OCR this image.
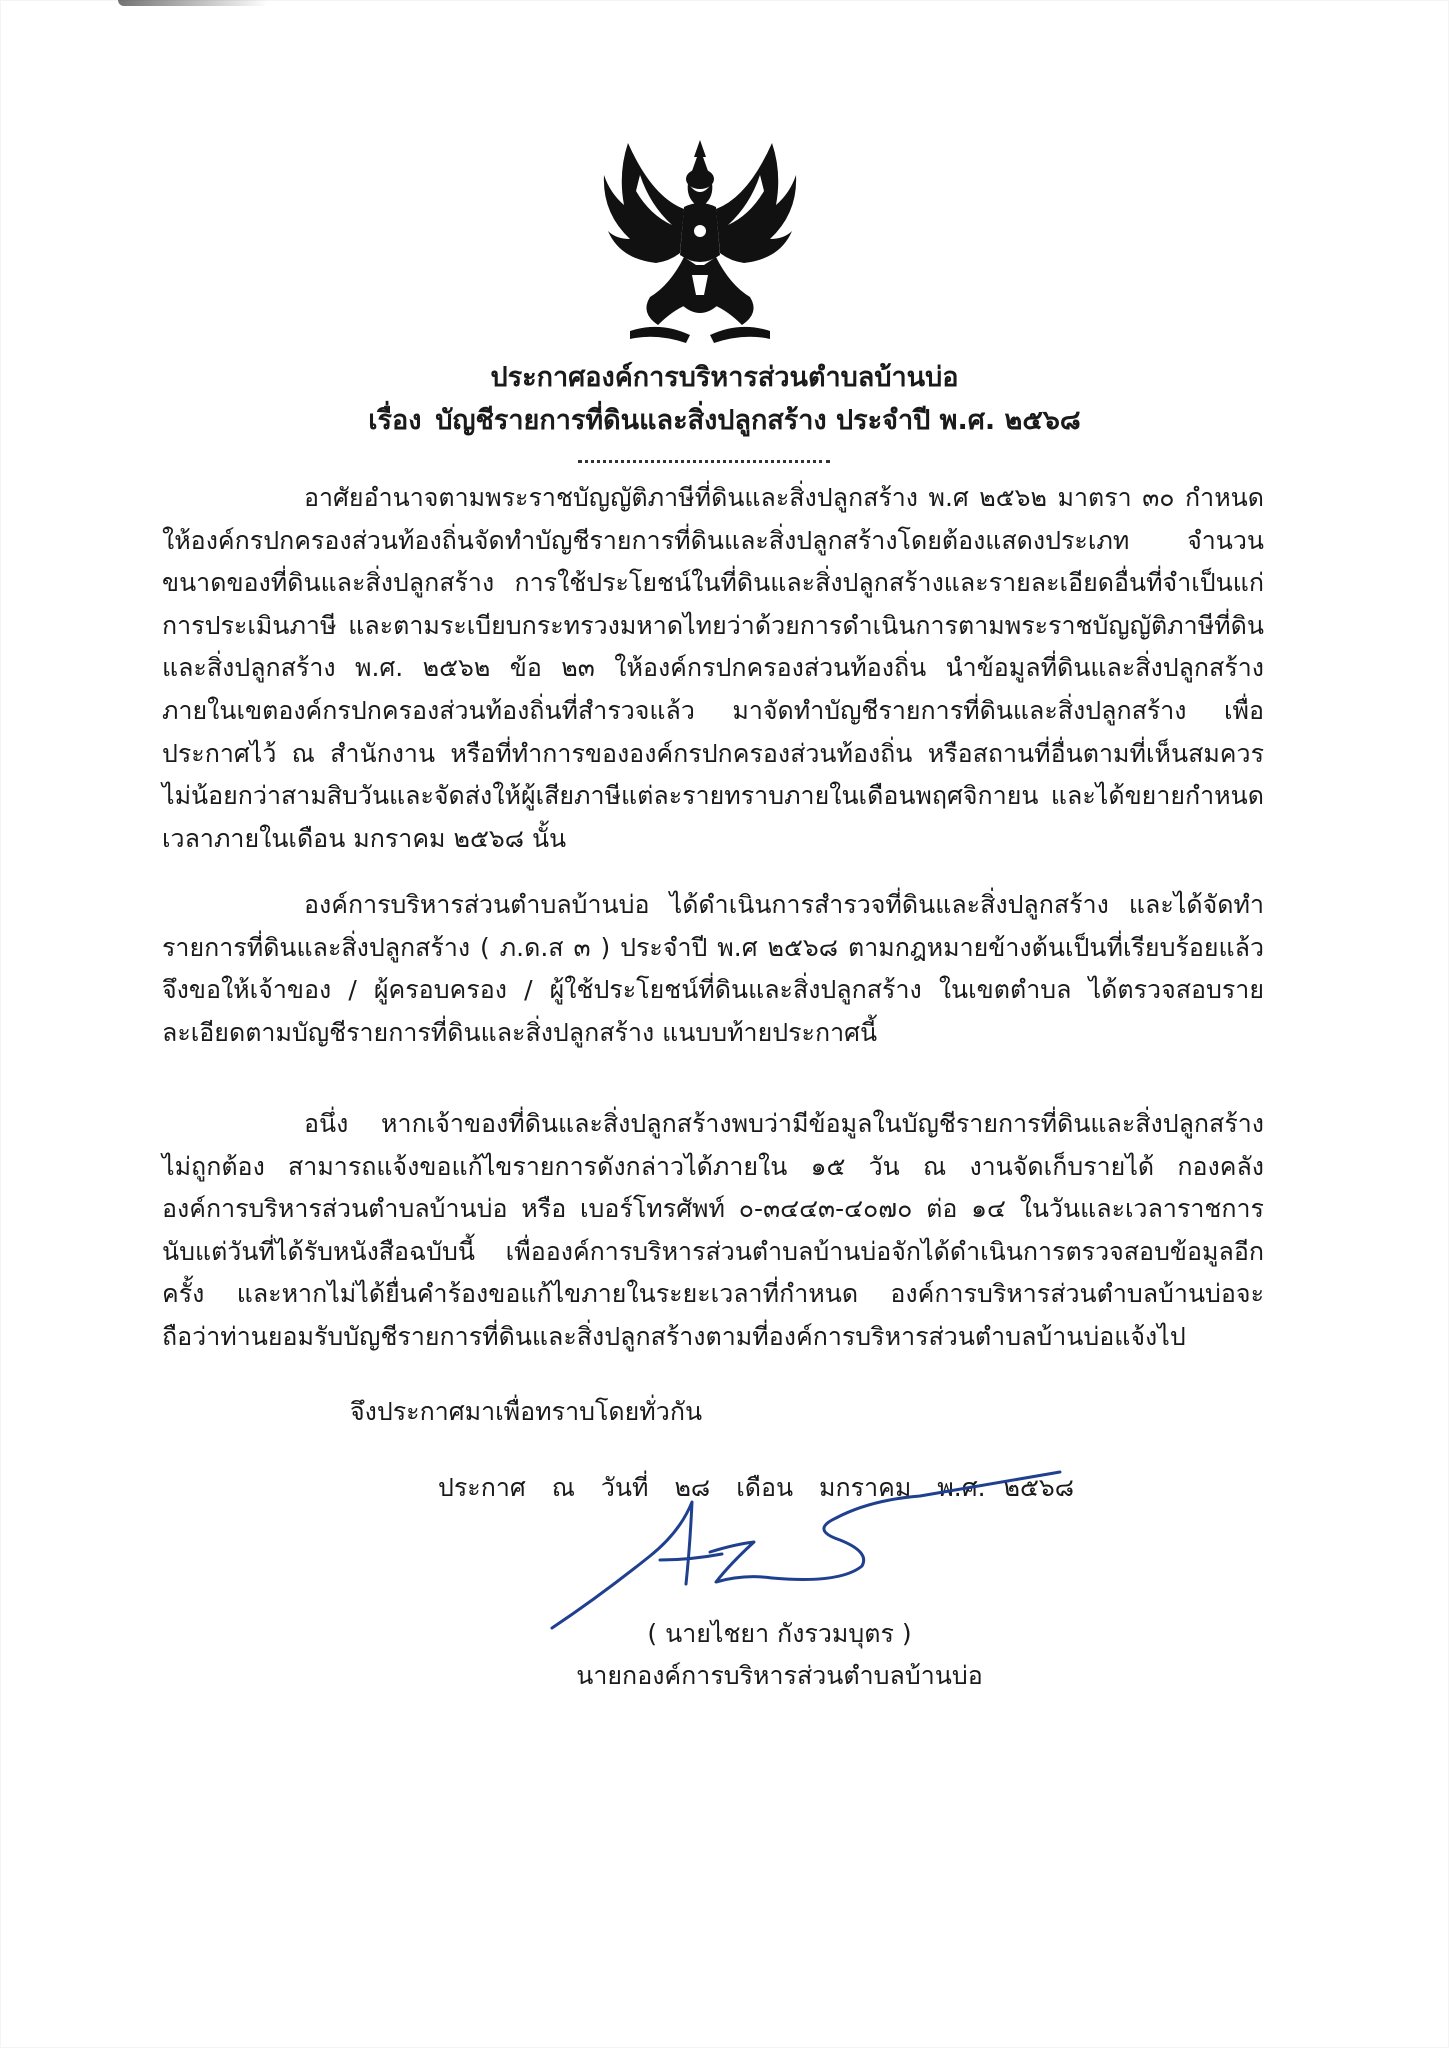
ประกาศองค์การบริหารส่วนตำบลบ้านบ่อ
เรื่อง บัญชีรายการที่ดินและสิ่งปลูกสร้าง ประจำปี พ.ศ. ๒๕๖๘

อาศัยอำนาจตามพระราชบัญญัติภาษีที่ดินและสิ่งปลูกสร้าง พ.ศ ๒๕๖๒ มาตรา ๓๐ กำหนดให้องค์กรปกครองส่วนท้องถิ่นจัดทำบัญชีรายการที่ดินและสิ่งปลูกสร้างโดยต้องแสดงประเภท จำนวน ขนาดของที่ดินและสิ่งปลูกสร้าง การใช้ประโยชน์ในที่ดินและสิ่งปลูกสร้างและรายละเอียดอื่นที่จำเป็นแก่การประเมินภาษี และตามระเบียบกระทรวงมหาดไทยว่าด้วยการดำเนินการตามพระราชบัญญัติภาษีที่ดินและสิ่งปลูกสร้าง พ.ศ. ๒๕๖๒ ข้อ ๒๓ ให้องค์กรปกครองส่วนท้องถิ่น นำข้อมูลที่ดินและสิ่งปลูกสร้างภายในเขตองค์กรปกครองส่วนท้องถิ่นที่สำรวจแล้ว มาจัดทำบัญชีรายการที่ดินและสิ่งปลูกสร้าง เพื่อประกาศไว้ ณ สำนักงาน หรือที่ทำการขององค์กรปกครองส่วนท้องถิ่น หรือสถานที่อื่นตามที่เห็นสมควร ไม่น้อยกว่าสามสิบวันและจัดส่งให้ผู้เสียภาษีแต่ละรายทราบภายในเดือนพฤศจิกายน และได้ขยายกำหนดเวลาภายในเดือน มกราคม ๒๕๖๘ นั้น

องค์การบริหารส่วนตำบลบ้านบ่อ ได้ดำเนินการสำรวจที่ดินและสิ่งปลูกสร้าง และได้จัดทำรายการที่ดินและสิ่งปลูกสร้าง ( ภ.ด.ส ๓ ) ประจำปี พ.ศ ๒๕๖๘ ตามกฎหมายข้างต้นเป็นที่เรียบร้อยแล้ว จึงขอให้เจ้าของ / ผู้ครอบครอง / ผู้ใช้ประโยชน์ที่ดินและสิ่งปลูกสร้าง ในเขตตำบล ได้ตรวจสอบรายละเอียดตามบัญชีรายการที่ดินและสิ่งปลูกสร้าง แนบบท้ายประกาศนี้

อนึ่ง หากเจ้าของที่ดินและสิ่งปลูกสร้างพบว่ามีข้อมูลในบัญชีรายการที่ดินและสิ่งปลูกสร้างไม่ถูกต้อง สามารถแจ้งขอแก้ไขรายการดังกล่าวได้ภายใน ๑๕ วัน ณ งานจัดเก็บรายได้ กองคลัง องค์การบริหารส่วนตำบลบ้านบ่อ หรือ เบอร์โทรศัพท์ ๐-๓๔๔๓-๔๐๗๐ ต่อ ๑๔ ในวันและเวลาราชการ นับแต่วันที่ได้รับหนังสือฉบับนี้ เพื่อองค์การบริหารส่วนตำบลบ้านบ่อจักได้ดำเนินการตรวจสอบข้อมูลอีกครั้ง และหากไม่ได้ยื่นคำร้องขอแก้ไขภายในระยะเวลาที่กำหนด องค์การบริหารส่วนตำบลบ้านบ่อจะถือว่าท่านยอมรับบัญชีรายการที่ดินและสิ่งปลูกสร้างตามที่องค์การบริหารส่วนตำบลบ้านบ่อแจ้งไป

จึงประกาศมาเพื่อทราบโดยทั่วกัน
ประกาศ ณ วันที่ ๒๘ เดือน มกราคม พ.ศ. ๒๕๖๘
( นายไชยา กังรวมบุตร )
นายกองค์การบริหารส่วนตำบลบ้านบ่อ
